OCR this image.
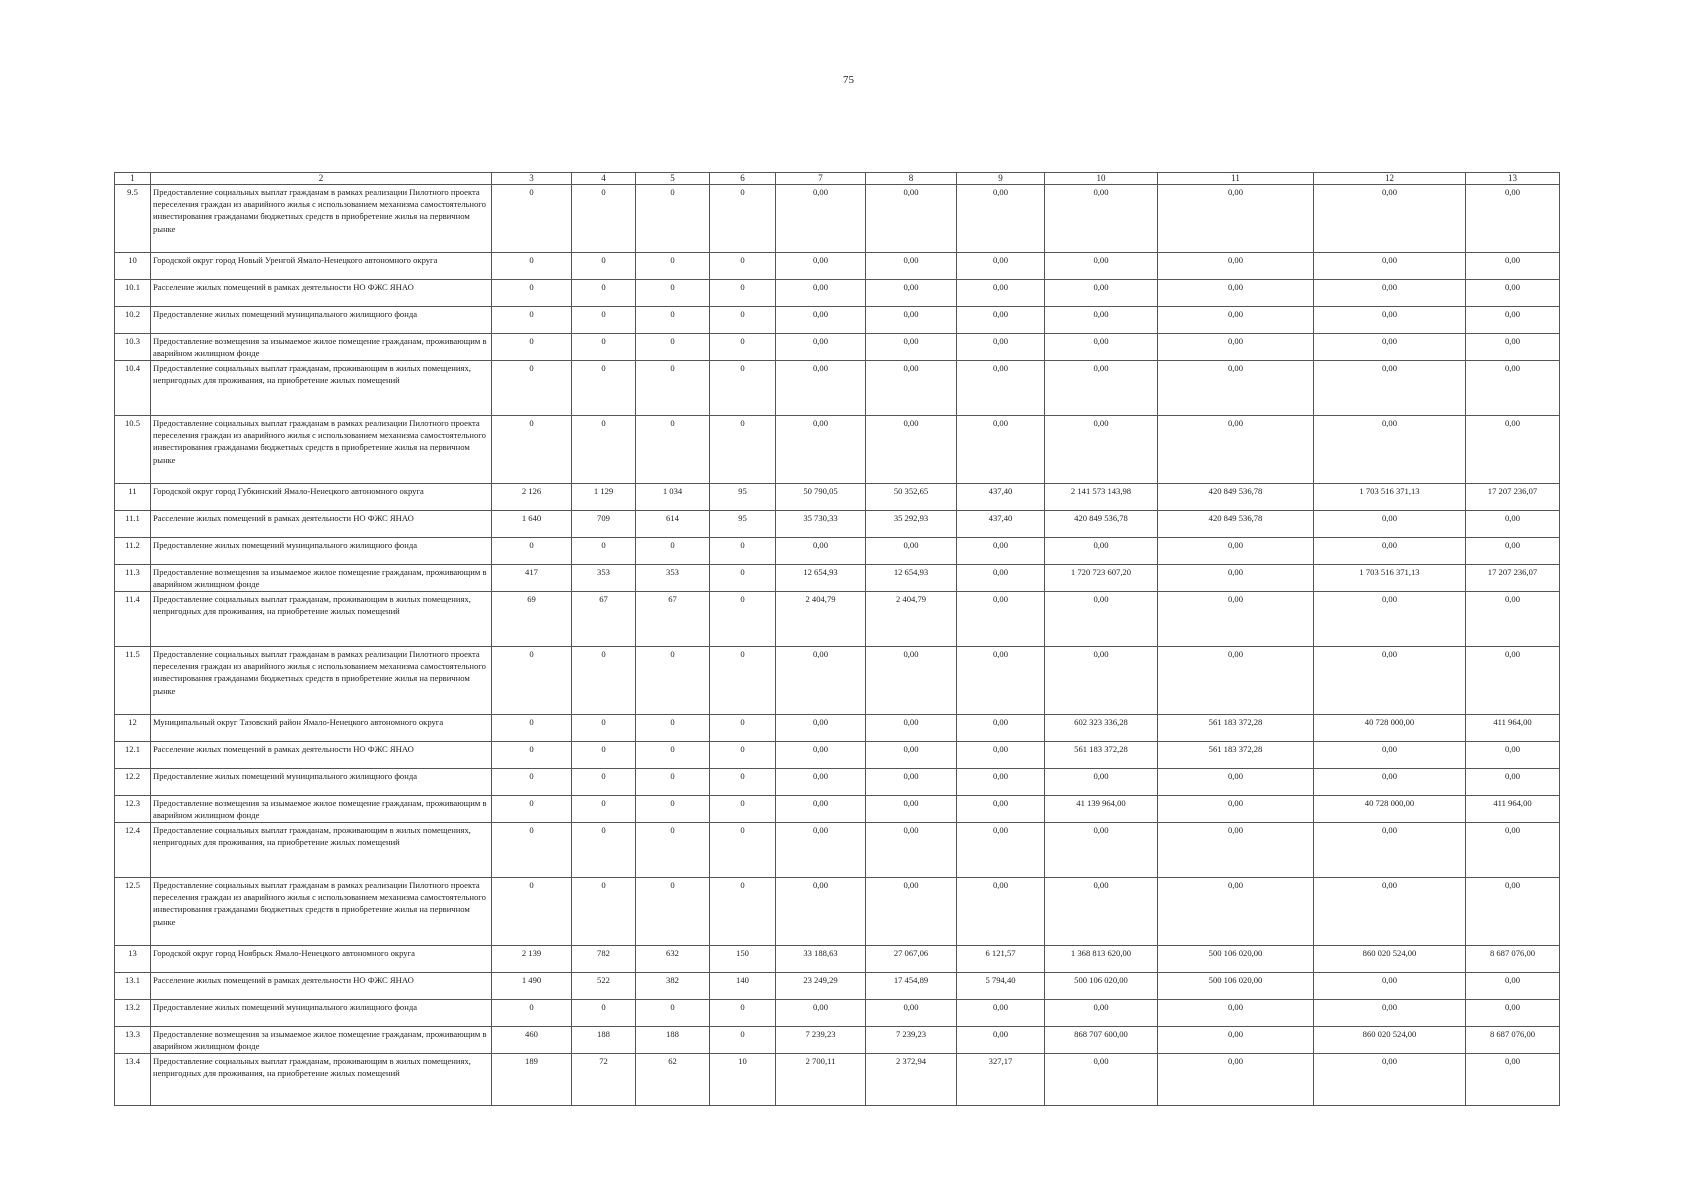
75
1	2	3	4	5	6	7	8	9	10	11	12	13
9.5	Предоставление социальных выплат гражданам в рамках реализации Пилотного проекта переселения граждан из аварийного жилья с использованием механизма самостоятельного инвестирования гражданами бюджетных средств в приобретение жилья на первичном рынке	0	0	0	0	0,00	0,00	0,00	0,00	0,00	0,00	0,00
10	Городской округ город Новый Уренгой Ямало-Ненецкого автономного округа	0	0	0	0	0,00	0,00	0,00	0,00	0,00	0,00	0,00
10.1	Расселение жилых помещений в рамках деятельности НО ФЖС ЯНАО	0	0	0	0	0,00	0,00	0,00	0,00	0,00	0,00	0,00
10.2	Предоставление жилых помещений муниципального жилищного фонда	0	0	0	0	0,00	0,00	0,00	0,00	0,00	0,00	0,00
10.3	Предоставление возмещения за изымаемое жилое помещение гражданам, проживающим в аварийном жилищном фонде	0	0	0	0	0,00	0,00	0,00	0,00	0,00	0,00	0,00
10.4	Предоставление социальных выплат гражданам, проживающим в жилых помещениях, непригодных для проживания, на приобретение жилых помещений	0	0	0	0	0,00	0,00	0,00	0,00	0,00	0,00	0,00
10.5	Предоставление социальных выплат гражданам в рамках реализации Пилотного проекта переселения граждан из аварийного жилья с использованием механизма самостоятельного инвестирования гражданами бюджетных средств в приобретение жилья на первичном рынке	0	0	0	0	0,00	0,00	0,00	0,00	0,00	0,00	0,00
11	Городской округ город Губкинский Ямало-Ненецкого автономного округа	2 126	1 129	1 034	95	50 790,05	50 352,65	437,40	2 141 573 143,98	420 849 536,78	1 703 516 371,13	17 207 236,07
11.1	Расселение жилых помещений в рамках деятельности НО ФЖС ЯНАО	1 640	709	614	95	35 730,33	35 292,93	437,40	420 849 536,78	420 849 536,78	0,00	0,00
11.2	Предоставление жилых помещений муниципального жилищного фонда	0	0	0	0	0,00	0,00	0,00	0,00	0,00	0,00	0,00
11.3	Предоставление возмещения за изымаемое жилое помещение гражданам, проживающим в аварийном жилищном фонде	417	353	353	0	12 654,93	12 654,93	0,00	1 720 723 607,20	0,00	1 703 516 371,13	17 207 236,07
11.4	Предоставление социальных выплат гражданам, проживающим в жилых помещениях, непригодных для проживания, на приобретение жилых помещений	69	67	67	0	2 404,79	2 404,79	0,00	0,00	0,00	0,00	0,00
11.5	Предоставление социальных выплат гражданам в рамках реализации Пилотного проекта переселения граждан из аварийного жилья с использованием механизма самостоятельного инвестирования гражданами бюджетных средств в приобретение жилья на первичном рынке	0	0	0	0	0,00	0,00	0,00	0,00	0,00	0,00	0,00
12	Муниципальный округ Тазовский район Ямало-Ненецкого автономного округа	0	0	0	0	0,00	0,00	0,00	602 323 336,28	561 183 372,28	40 728 000,00	411 964,00
12.1	Расселение жилых помещений в рамках деятельности НО ФЖС ЯНАО	0	0	0	0	0,00	0,00	0,00	561 183 372,28	561 183 372,28	0,00	0,00
12.2	Предоставление жилых помещений муниципального жилищного фонда	0	0	0	0	0,00	0,00	0,00	0,00	0,00	0,00	0,00
12.3	Предоставление возмещения за изымаемое жилое помещение гражданам, проживающим в аварийном жилищном фонде	0	0	0	0	0,00	0,00	0,00	41 139 964,00	0,00	40 728 000,00	411 964,00
12.4	Предоставление социальных выплат гражданам, проживающим в жилых помещениях, непригодных для проживания, на приобретение жилых помещений	0	0	0	0	0,00	0,00	0,00	0,00	0,00	0,00	0,00
12.5	Предоставление социальных выплат гражданам в рамках реализации Пилотного проекта переселения граждан из аварийного жилья с использованием механизма самостоятельного инвестирования гражданами бюджетных средств в приобретение жилья на первичном рынке	0	0	0	0	0,00	0,00	0,00	0,00	0,00	0,00	0,00
13	Городской округ город Ноябрьск Ямало-Ненецкого автономного округа	2 139	782	632	150	33 188,63	27 067,06	6 121,57	1 368 813 620,00	500 106 020,00	860 020 524,00	8 687 076,00
13.1	Расселение жилых помещений в рамках деятельности НО ФЖС ЯНАО	1 490	522	382	140	23 249,29	17 454,89	5 794,40	500 106 020,00	500 106 020,00	0,00	0,00
13.2	Предоставление жилых помещений муниципального жилищного фонда	0	0	0	0	0,00	0,00	0,00	0,00	0,00	0,00	0,00
13.3	Предоставление возмещения за изымаемое жилое помещение гражданам, проживающим в аварийном жилищном фонде	460	188	188	0	7 239,23	7 239,23	0,00	868 707 600,00	0,00	860 020 524,00	8 687 076,00
13.4	Предоставление социальных выплат гражданам, проживающим в жилых помещениях, непригодных для проживания, на приобретение жилых помещений	189	72	62	10	2 700,11	2 372,94	327,17	0,00	0,00	0,00	0,00
